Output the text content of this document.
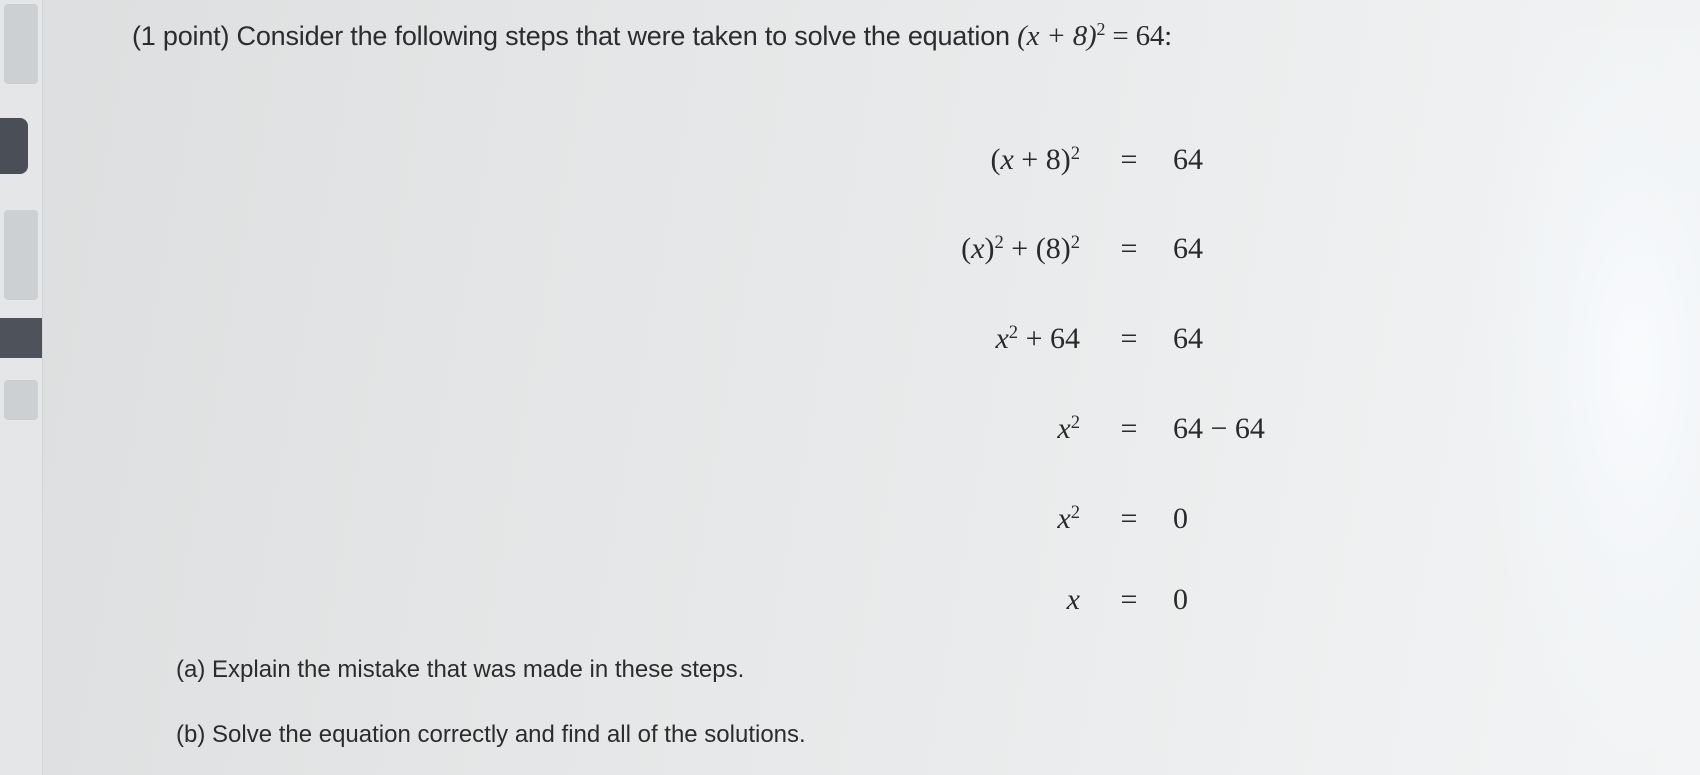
(1 point) Consider the following steps that were taken to solve the equation $(x + 8)^2 = 64$:
$(x + 8)^2 = 64$
$(x)^2 + (8)^2 = 64$
$x^2 + 64 = 64$
$x^2 = 64 - 64$
$x^2 = 0$
x = 0
(a) Explain the mistake that was made in these steps.
(b) Solve the equation correctly and find all of the solutions.
